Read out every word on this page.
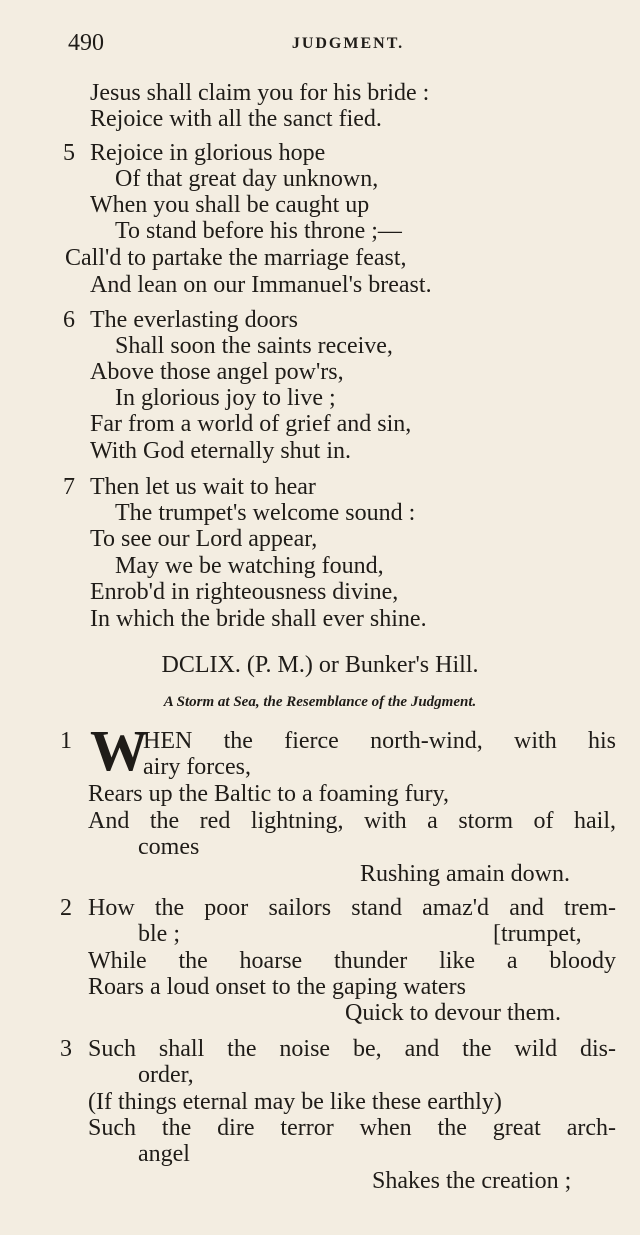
490	JUDGMENT.
Jesus shall claim you for his bride :
Rejoice with all the sanct fied.
5 Rejoice in glorious hope
Of that great day unknown,
When you shall be caught up
To stand before his throne ;—
Call'd to partake the marriage feast,
And lean on our Immanuel's breast.
6 The everlasting doors
Shall soon the saints receive,
Above those angel pow'rs,
In glorious joy to live ;
Far from a world of grief and sin,
With God eternally shut in.
7 Then let us wait to hear
The trumpet's welcome sound :
To see our Lord appear,
May we be watching found,
Enrob'd in righteousness divine,
In which the bride shall ever shine.
DCLIX. (P. M.) or Bunker's Hill.
A Storm at Sea, the Resemblance of the Judgment.
1 W
HEN the fierce north-wind, with his
airy forces,
Rears up the Baltic to a foaming fury,
And the red lightning, with a storm of hail,
comes
Rushing amain down.
2 How the poor sailors stand amaz'd and trem-
ble ;	[trumpet,
While the hoarse thunder like a bloody
Roars a loud onset to the gaping waters
Quick to devour them.
3 Such shall the noise be, and the wild dis-
order,
(If things eternal may be like these earthly)
Such the dire terror when the great arch-
angel
Shakes the creation ;
